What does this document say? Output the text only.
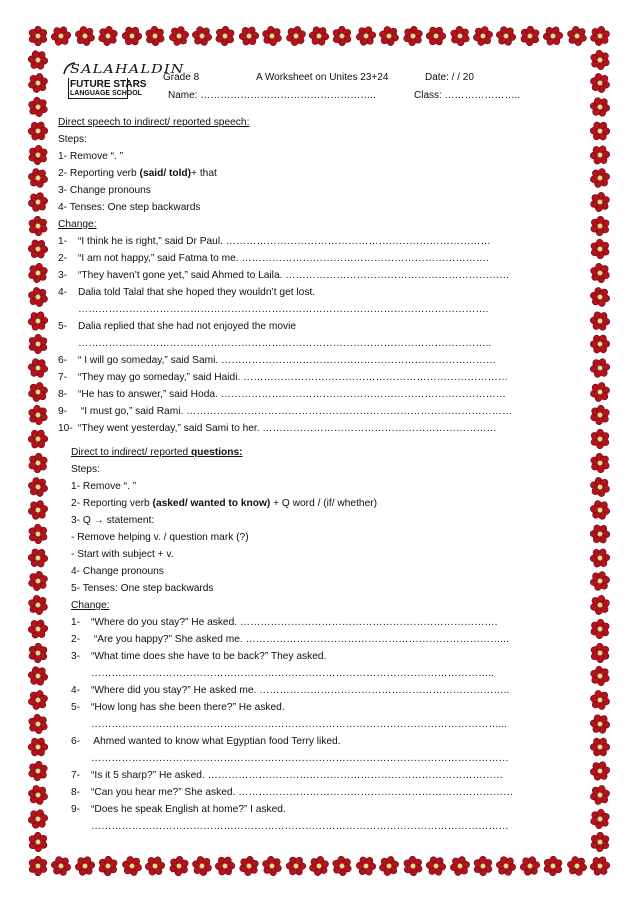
SALAHALDIN
FUTURE STARS
LANGUAGE SCHOOL
Grade 8	A Worksheet on Unites 23+24	Date: / / 20
Name: ……………………………………………..	Class: …………………..
Direct speech to indirect/ reported speech:
Steps:
1- Remove “. ”
2- Reporting verb (said/ told)+ that
3- Change pronouns
4- Tenses: One step backwards
Change:
1- “I think he is right,” said Dr Paul. ……………………………………………………………………
2- “I am not happy,” said Fatma to me. ……………………………………………………………….
3- “They haven’t gone yet,” said Ahmed to Laila. …………………………………………………………
4- Dalia told Talal that she hoped they wouldn’t get lost.
………………………………………………………………………………………………………….
5- Dalia replied that she had not enjoyed the movie
…………………………………………………………………………………………………………..
6- “ I will go someday,” said Sami. ………………………………………………………………………
7- “They may go someday,” said Haidi. ……………………………………………………………………
8- “He has to answer,” said Hoda. …………………………………………………………………………
9- “I must go,” said Rami. ……………………………………………………………………………………
10- “They went yesterday,” said Sami to her. ……………………………………………………………
Direct to indirect/ reported questions:
Steps:
1- Remove “. ”
2- Reporting verb (asked/ wanted to know) + Q word / (if/ whether)
3- Q → statement:
- Remove helping v. / question mark (?)
- Start with subject + v.
4- Change pronouns
5- Tenses: One step backwards
Change:
1- “Where do you stay?” He asked. ………………………………………………………………….
2- “Are you happy?” She asked me. …………………………………………………………………...
3- “What time does she have to be back?” They asked.
………………………………………………………………………………………………………..
4- “Where did you stay?” He asked me. ………………………………………………………………..
5- “How long has she been there?” He asked.
…………………………………………………………………………………………………………...
6- Ahmed wanted to know what Egyptian food Terry liked.
……………………………………………………………………………………………………………
7- “Is it 5 sharp?” He asked. ……………………………………………………………………………
8- “Can you hear me?” She asked. ………………………………………………………………………
9- “Does he speak English at home?” I asked.
……………………………………………………………………………………………………………
